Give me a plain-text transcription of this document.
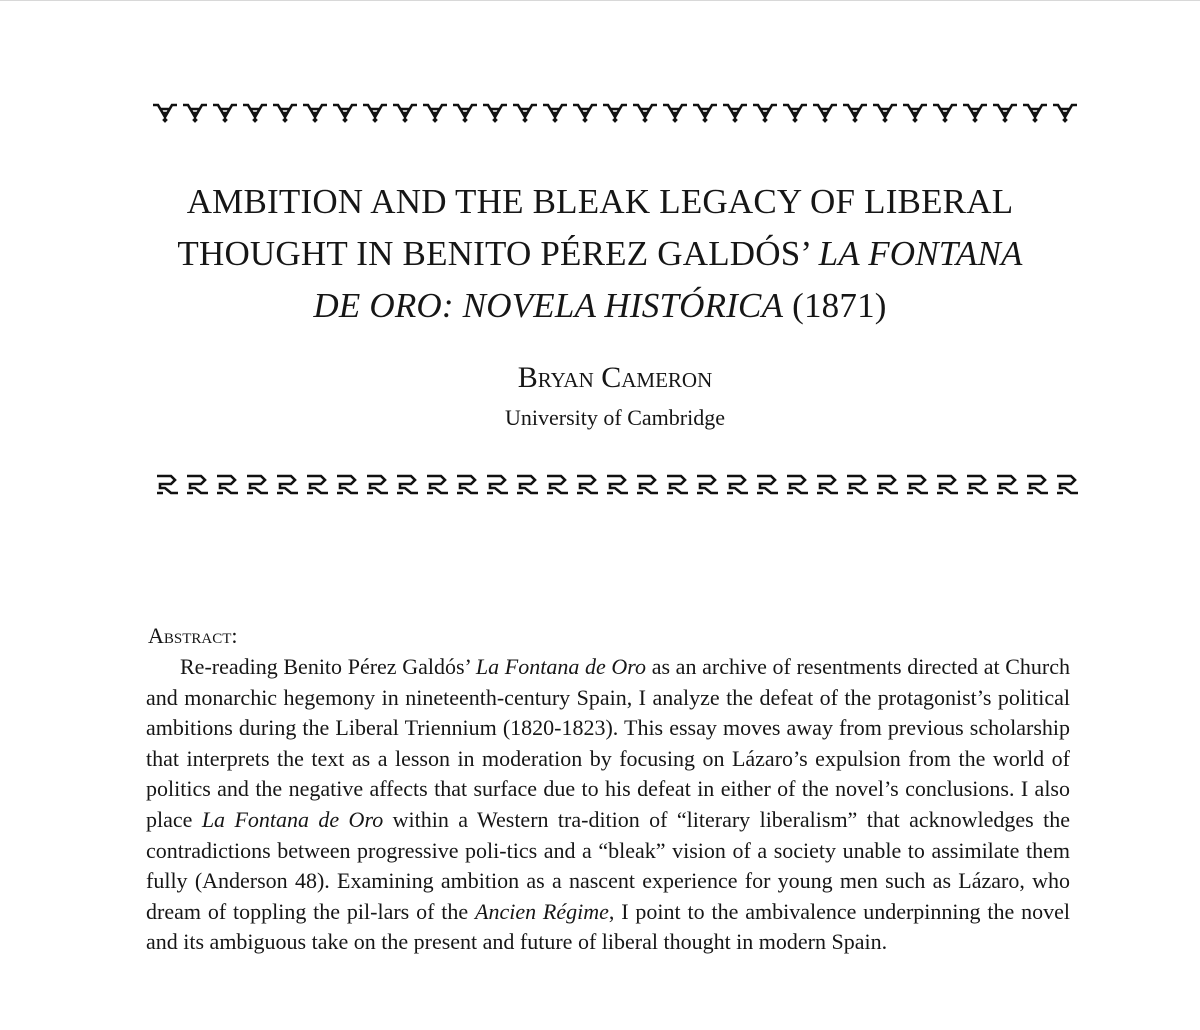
AMBITION AND THE BLEAK LEGACY OF LIBERAL
THOUGHT IN BENITO PÉREZ GALDÓS’ LA FONTANA
DE ORO: NOVELA HISTÓRICA (1871)
Bryan Cameron
University of Cambridge
Abstract:

Re-reading Benito Pérez Galdós’ La Fontana de Oro as an archive of resentments directed at Church and monarchic hegemony in nineteenth-century Spain, I analyze the defeat of the protagonist’s political ambitions during the Liberal Triennium (1820-1823). This essay moves away from previous scholarship that interprets the text as a lesson in moderation by focusing on Lázaro’s expulsion from the world of politics and the negative affects that surface due to his defeat in either of the novel’s conclusions. I also place La Fontana de Oro within a Western tra-dition of “literary liberalism” that acknowledges the contradictions between progressive poli-tics and a “bleak” vision of a society unable to assimilate them fully (Anderson 48). Examining ambition as a nascent experience for young men such as Lázaro, who dream of toppling the pil-lars of the Ancien Régime, I point to the ambivalence underpinning the novel and its ambiguous take on the present and future of liberal thought in modern Spain.
